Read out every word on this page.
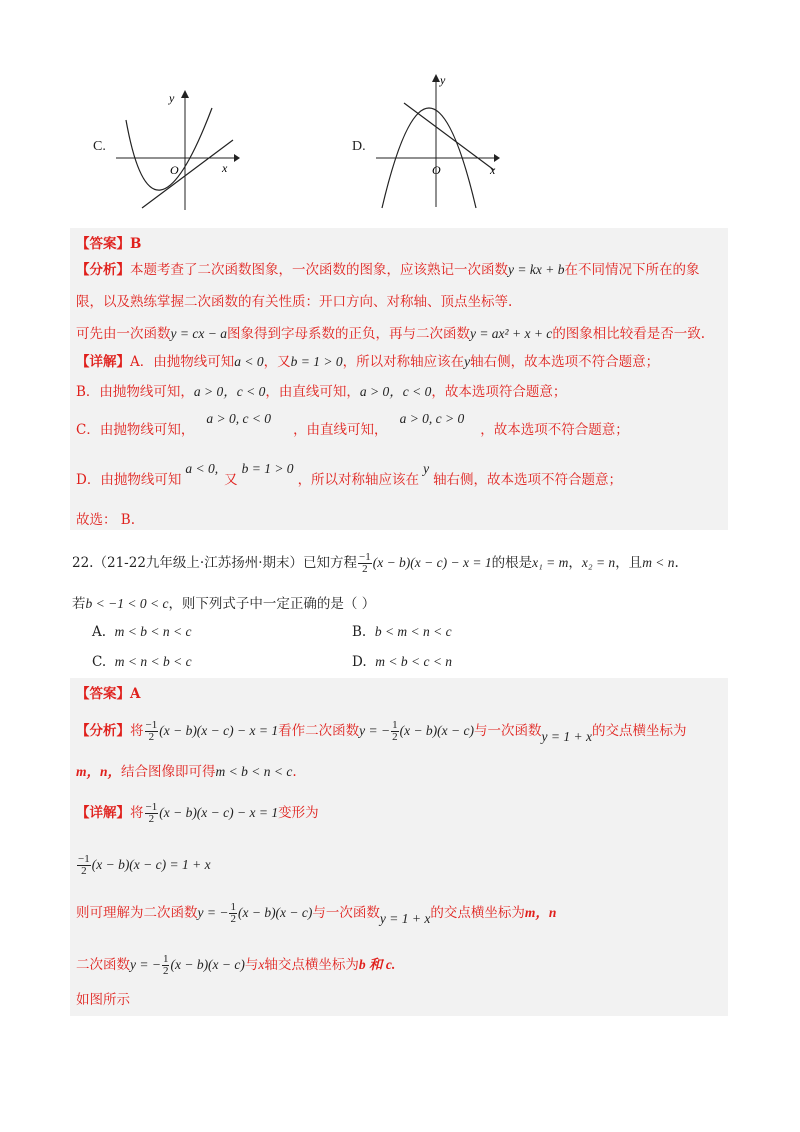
y
x
O
C.
y
x
O
D.
【答案】B
【分析】本题考查了二次函数图象，一次函数的图象，应该熟记一次函数y = kx + b在不同情况下所在的象
限，以及熟练掌握二次函数的有关性质：开口方向、对称轴、顶点坐标等.
可先由一次函数y = cx − a图象得到字母系数的正负，再与二次函数y = ax² + x + c的图象相比较看是否一致.
【详解】A．由抛物线可知a < 0，又b = 1 > 0，所以对称轴应该在y轴右侧，故本选项不符合题意；
B．由抛物线可知，a > 0，c < 0，由直线可知，a > 0，c < 0，故本选项符合题意；
C．由抛物线可知，a > 0, c < 0，由直线可知，a > 0, c > 0，故本选项不符合题意；
D．由抛物线可知a < 0,又b = 1 > 0，所以对称轴应该在y轴右侧，故本选项不符合题意；
故选： B.
22.（21-22九年级上·江苏扬州·期末）已知方程 $\frac{-1}{2} (x - b)(x - c) - x = 1$的根是x₁ = m，x₂ = n，且m < n.
若b < −1 < 0 < c，则下列式子中一定正确的是（ ）
A. m < b < n < c	B. b < m < n < c
C. m < n < b < c	D. m < b < c < n
【答案】A
【分析】将 $\frac{-1}{2} (x - b)(x - c) - x = 1$看作二次函数y = − $\frac{1}{2} (x - b)(x - c)$与一次函数y = 1 + x的交点横坐标为
m，n，结合图像即可得m < b < n < c.
【详解】将 $\frac{-1}{2} (x - b)(x - c) - x = 1$变形为
$\frac{-1}{2} (x - b)(x - c) = 1 + x$
则可理解为二次函数y = − $\frac{1}{2} (x - b)(x - c)$与一次函数y = 1 + x的交点横坐标为m，n
二次函数y = − $\frac{1}{2} (x - b)(x - c)$与x轴交点横坐标为b 和 c.
如图所示
